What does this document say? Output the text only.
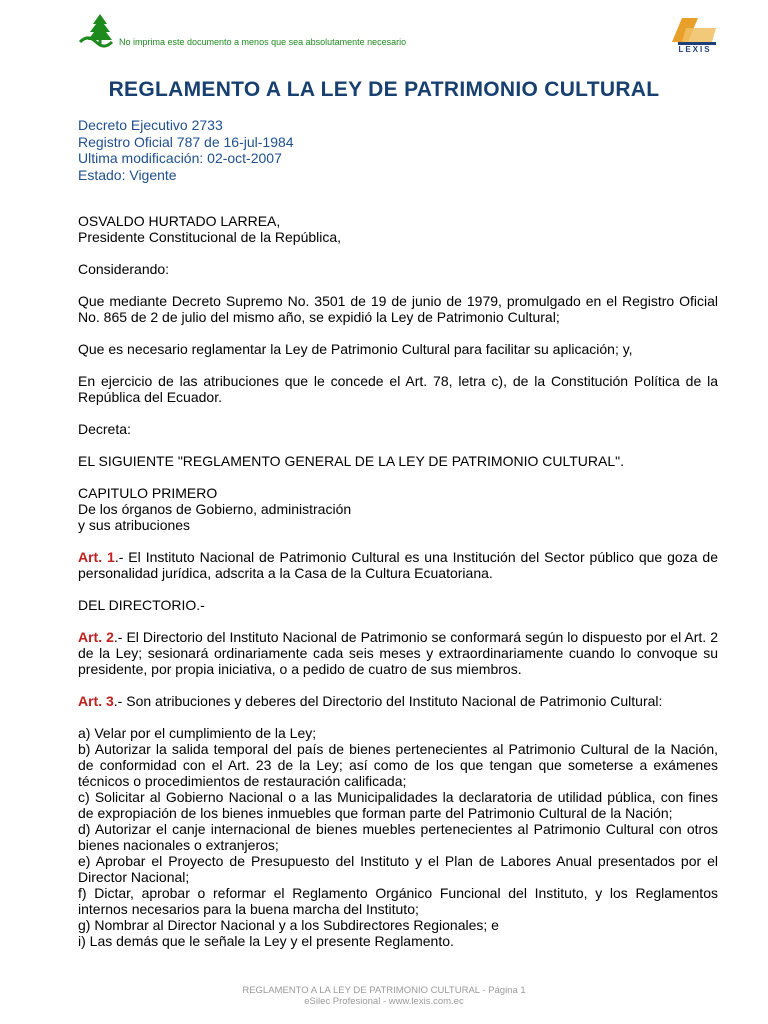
No imprima este documento a menos que sea absolutamente necesario
LEXIS
REGLAMENTO A LA LEY DE PATRIMONIO CULTURAL
Decreto Ejecutivo 2733
Registro Oficial 787 de 16-jul-1984
Ultima modificación: 02-oct-2007
Estado: Vigente

OSVALDO HURTADO LARREA,
Presidente Constitucional de la República,

Considerando:

Que mediante Decreto Supremo No. 3501 de 19 de junio de 1979, promulgado en el Registro Oficial No. 865 de 2 de julio del mismo año, se expidió la Ley de Patrimonio Cultural;

Que es necesario reglamentar la Ley de Patrimonio Cultural para facilitar su aplicación; y,

En ejercicio de las atribuciones que le concede el Art. 78, letra c), de la Constitución Política de la República del Ecuador.

Decreta:

EL SIGUIENTE "REGLAMENTO GENERAL DE LA LEY DE PATRIMONIO CULTURAL".

CAPITULO PRIMERO
De los órganos de Gobierno, administración
y sus atribuciones

Art. 1.- El Instituto Nacional de Patrimonio Cultural es una Institución del Sector público que goza de personalidad jurídica, adscrita a la Casa de la Cultura Ecuatoriana.

DEL DIRECTORIO.-

Art. 2.- El Directorio del Instituto Nacional de Patrimonio se conformará según lo dispuesto por el Art. 2 de la Ley; sesionará ordinariamente cada seis meses y extraordinariamente cuando lo convoque su presidente, por propia iniciativa, o a pedido de cuatro de sus miembros.

Art. 3.- Son atribuciones y deberes del Directorio del Instituto Nacional de Patrimonio Cultural:

a) Velar por el cumplimiento de la Ley;

b) Autorizar la salida temporal del país de bienes pertenecientes al Patrimonio Cultural de la Nación, de conformidad con el Art. 23 de la Ley; así como de los que tengan que someterse a exámenes técnicos o procedimientos de restauración calificada;

c) Solicitar al Gobierno Nacional o a las Municipalidades la declaratoria de utilidad pública, con fines de expropiación de los bienes inmuebles que forman parte del Patrimonio Cultural de la Nación;

d) Autorizar el canje internacional de bienes muebles pertenecientes al Patrimonio Cultural con otros bienes nacionales o extranjeros;

e) Aprobar el Proyecto de Presupuesto del Instituto y el Plan de Labores Anual presentados por el Director Nacional;

f) Dictar, aprobar o reformar el Reglamento Orgánico Funcional del Instituto, y los Reglamentos internos necesarios para la buena marcha del Instituto;

g) Nombrar al Director Nacional y a los Subdirectores Regionales; e

i) Las demás que le señale la Ley y el presente Reglamento.

REGLAMENTO A LA LEY DE PATRIMONIO CULTURAL - Página 1
eSilec Profesional - www.lexis.com.ec
